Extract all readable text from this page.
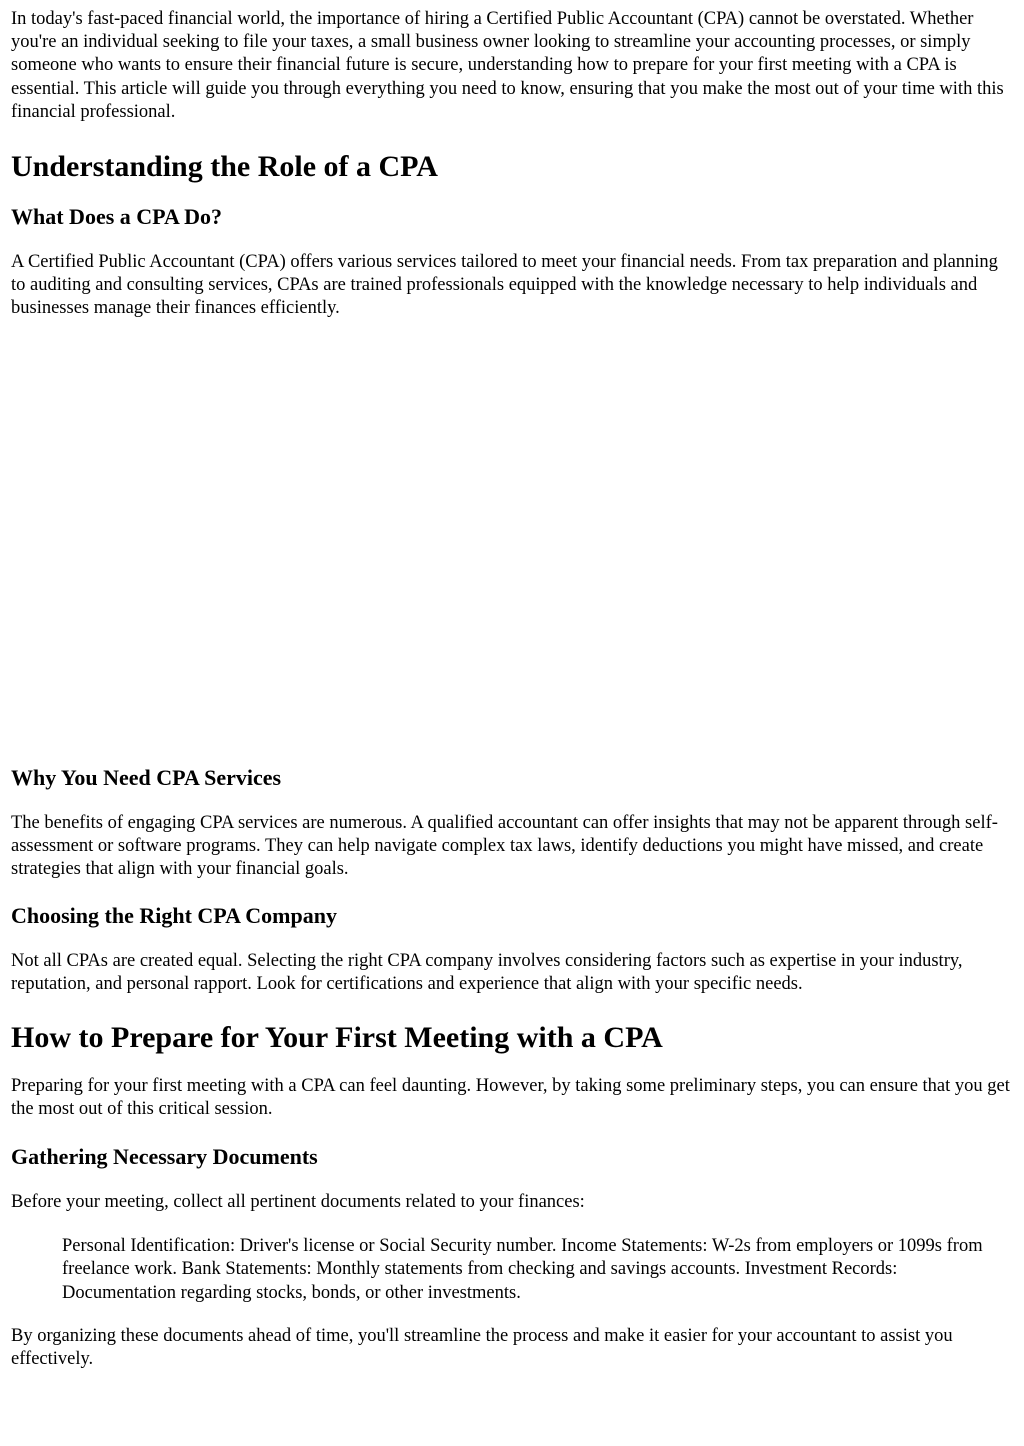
In today's fast-paced financial world, the importance of hiring a Certified Public Accountant (CPA) cannot be overstated. Whether you're an individual seeking to file your taxes, a small business owner looking to streamline your accounting processes, or simply someone who wants to ensure their financial future is secure, understanding how to prepare for your first meeting with a CPA is essential. This article will guide you through everything you need to know, ensuring that you make the most out of your time with this financial professional.

Understanding the Role of a CPA
What Does a CPA Do?

A Certified Public Accountant (CPA) offers various services tailored to meet your financial needs. From tax preparation and planning to auditing and consulting services, CPAs are trained professionals equipped with the knowledge necessary to help individuals and businesses manage their finances efficiently.

Why You Need CPA Services

The benefits of engaging CPA services are numerous. A qualified accountant can offer insights that may not be apparent through self-assessment or software programs. They can help navigate complex tax laws, identify deductions you might have missed, and create strategies that align with your financial goals.

Choosing the Right CPA Company

Not all CPAs are created equal. Selecting the right CPA company involves considering factors such as expertise in your industry, reputation, and personal rapport. Look for certifications and experience that align with your specific needs.

How to Prepare for Your First Meeting with a CPA

Preparing for your first meeting with a CPA can feel daunting. However, by taking some preliminary steps, you can ensure that you get the most out of this critical session.

Gathering Necessary Documents

Before your meeting, collect all pertinent documents related to your finances:

Personal Identification: Driver's license or Social Security number. Income Statements: W-2s from employers or 1099s from freelance work. Bank Statements: Monthly statements from checking and savings accounts. Investment Records: Documentation regarding stocks, bonds, or other investments.

By organizing these documents ahead of time, you'll streamline the process and make it easier for your accountant to assist you effectively.
